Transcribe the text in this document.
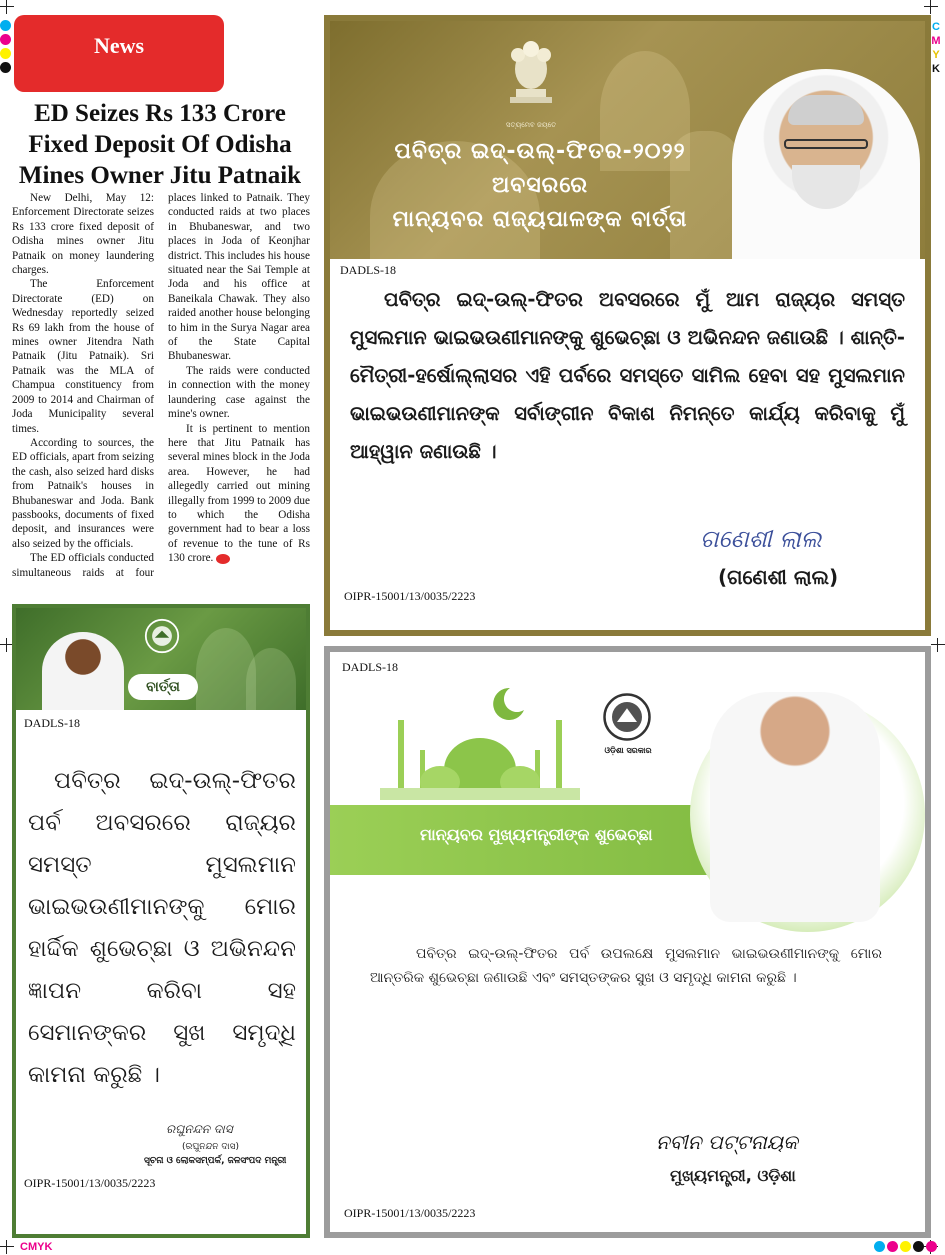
C
M
Y
K
CMYK
News
ED Seizes Rs 133 Crore Fixed Deposit Of Odisha Mines Owner Jitu Patnaik

New Delhi, May 12: Enforcement Directorate seizes Rs 133 crore fixed deposit of Odisha mines owner Jitu Patnaik on money laundering charges.

The Enforcement Directorate (ED) on Wednesday reportedly seized Rs 69 lakh from the house of mines owner Jitendra Nath Patnaik (Jitu Patnaik). Sri Patnaik was the MLA of Champua constituency from 2009 to 2014 and Chairman of Joda Municipality several times.

According to sources, the ED officials, apart from seizing the cash, also seized hard disks from Patnaik's houses in Bhubaneswar and Joda. Bank passbooks, documents of fixed deposit, and insurances were also seized by the officials.

The ED officials conducted simultaneous raids at four places linked to Patnaik. They conducted raids at two places in Bhubaneswar, and two places in Joda of Keonjhar district. This includes his house situated near the Sai Temple at Joda and his office at Baneikala Chawak. They also raided another house belonging to him in the Surya Nagar area of the State Capital Bhubaneswar.

The raids were conducted in connection with the money laundering case against the mine's owner.

It is pertinent to mention here that Jitu Patnaik has several mines block in the Joda area. However, he had allegedly carried out mining illegally from 1999 to 2009 due to which the Odisha government had to bear a loss of revenue to the tune of Rs 130 crore.

ସତ୍ୟମେବ ଜୟତେ
ପବିତ୍ର ଇଦ୍-ଉଲ୍-ଫିତର-୨୦୨୨
ଅବସରରେ
ମାନ୍ୟବର ରାଜ୍ୟପାଳଙ୍କ ବାର୍ତ୍ତା
DADLS-18
ପବିତ୍ର ଇଦ୍-ଉଲ୍-ଫିତର ଅବସରରେ ମୁଁ ଆମ ରାଜ୍ୟର ସମସ୍ତ ମୁସଲମାନ ଭାଇଭଉଣୀମାନଙ୍କୁ ଶୁଭେଚ୍ଛା ଓ ଅଭିନନ୍ଦନ ଜଣାଉଛି । ଶାନ୍ତି-ମୈତ୍ରୀ-ହର୍ଷୋଲ୍ଲାସର ଏହି ପର୍ବରେ ସମସ୍ତେ ସାମିଲ ହେବା ସହ ମୁସଲମାନ ଭାଇଭଉଣୀମାନଙ୍କ ସର୍ବାଙ୍ଗୀନ ବିକାଶ ନିମନ୍ତେ କାର୍ଯ୍ୟ କରିବାକୁ ମୁଁ ଆହ୍ୱାନ ଜଣାଉଛି ।
ଗଣେଶୀ ଲାଲ
(ଗଣେଶୀ ଲାଲ)
OIPR-15001/13/0035/2223
ବାର୍ତ୍ତା
DADLS-18
ପବିତ୍ର ଇଦ୍-ଉଲ୍-ଫିତର ପର୍ବ ଅବସରରେ ରାଜ୍ୟର ସମସ୍ତ ମୁସଲମାନ ଭାଇଭଉଣୀମାନଙ୍କୁ ମୋର ହାର୍ଦ୍ଦିକ ଶୁଭେଚ୍ଛା ଓ ଅଭିନନ୍ଦନ ଜ୍ଞାପନ କରିବା ସହ ସେମାନଙ୍କର ସୁଖ ସମୃଦ୍ଧି କାମନା କରୁଛି ।
ରଘୁନନ୍ଦନ ଦାସ
(ରଘୁନନ୍ଦନ ଦାସ)
ସୂଚନା ଓ ଲୋକସମ୍ପର୍କ, ଜଳସଂପଦ ମନ୍ତ୍ରୀ
OIPR-15001/13/0035/2223
DADLS-18
ଓଡ଼ିଶା ସରକାର
ମାନ୍ୟବର ମୁଖ୍ୟମନ୍ତ୍ରୀଙ୍କ ଶୁଭେଚ୍ଛା
ପବିତ୍ର ଇଦ୍-ଉଲ୍-ଫିତର ପର୍ବ ଉପଲକ୍ଷେ ମୁସଲମାନ ଭାଇଭଉଣୀମାନଙ୍କୁ ମୋର ଆନ୍ତରିକ ଶୁଭେଚ୍ଛା ଜଣାଉଛି ଏବଂ ସମସ୍ତଙ୍କର ସୁଖ ଓ ସମୃଦ୍ଧି କାମନା କରୁଛି ।
ନବୀନ ପଟ୍ଟନାୟକ
ମୁଖ୍ୟମନ୍ତ୍ରୀ, ଓଡ଼ିଶା
OIPR-15001/13/0035/2223
